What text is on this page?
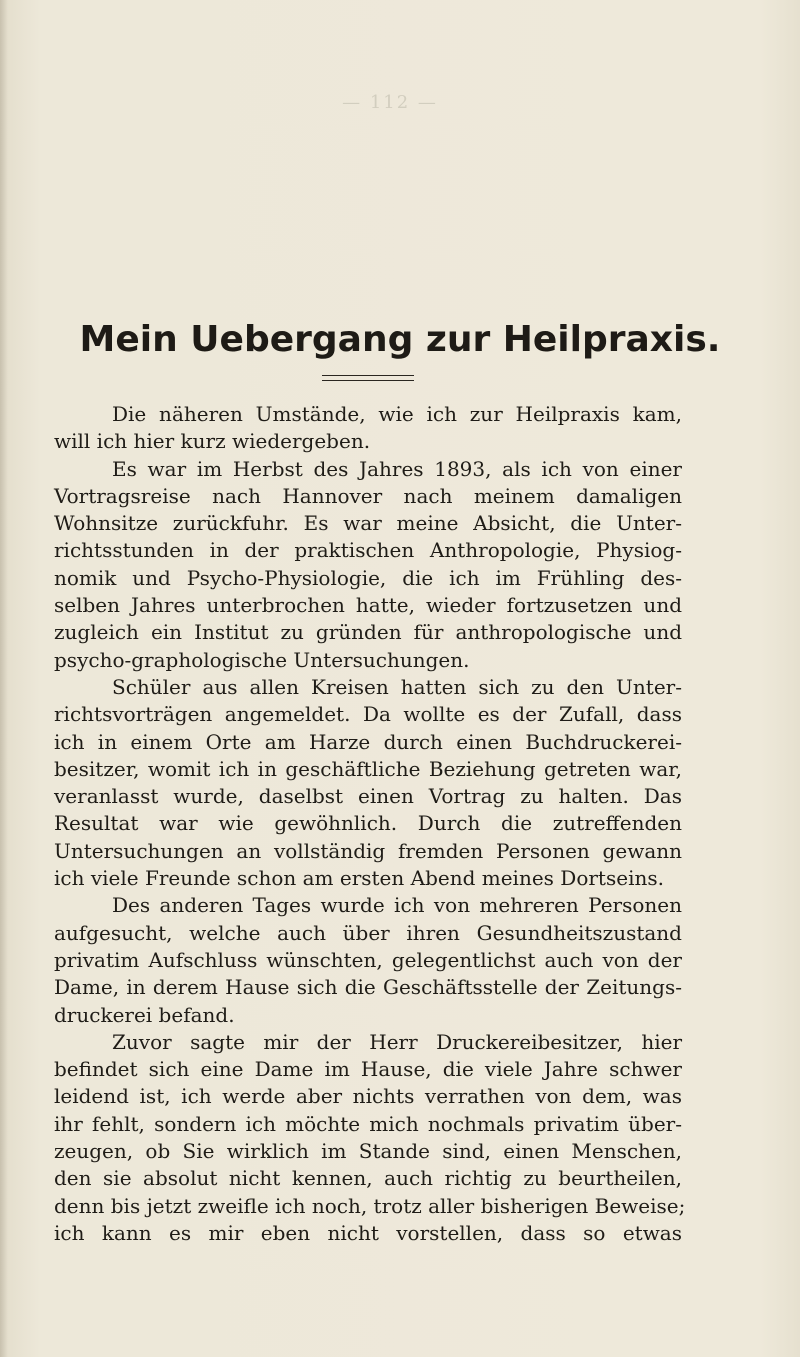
— 112 —
Mein Uebergang zur Heilpraxis.
Die näheren Umstände, wie ich zur Heilpraxis kam,
will ich hier kurz wiedergeben.
Es war im Herbst des Jahres 1893, als ich von einer
Vortragsreise nach Hannover nach meinem damaligen
Wohnsitze zurückfuhr. Es war meine Absicht, die Unter-
richtsstunden in der praktischen Anthropologie, Physiog-
nomik und Psycho-Physiologie, die ich im Frühling des-
selben Jahres unterbrochen hatte, wieder fortzusetzen und
zugleich ein Institut zu gründen für anthropologische und
psycho-graphologische Untersuchungen.
Schüler aus allen Kreisen hatten sich zu den Unter-
richtsvorträgen angemeldet. Da wollte es der Zufall, dass
ich in einem Orte am Harze durch einen Buchdruckerei-
besitzer, womit ich in geschäftliche Beziehung getreten war,
veranlasst wurde, daselbst einen Vortrag zu halten. Das
Resultat war wie gewöhnlich. Durch die zutreffenden
Untersuchungen an vollständig fremden Personen gewann
ich viele Freunde schon am ersten Abend meines Dortseins.
Des anderen Tages wurde ich von mehreren Personen
aufgesucht, welche auch über ihren Gesundheitszustand
privatim Aufschluss wünschten, gelegentlichst auch von der
Dame, in derem Hause sich die Geschäftsstelle der Zeitungs-
druckerei befand.
Zuvor sagte mir der Herr Druckereibesitzer, hier
befindet sich eine Dame im Hause, die viele Jahre schwer
leidend ist, ich werde aber nichts verrathen von dem, was
ihr fehlt, sondern ich möchte mich nochmals privatim über-
zeugen, ob Sie wirklich im Stande sind, einen Menschen,
den sie absolut nicht kennen, auch richtig zu beurtheilen,
denn bis jetzt zweifle ich noch, trotz aller bisherigen Beweise;
ich kann es mir eben nicht vorstellen, dass so etwas
